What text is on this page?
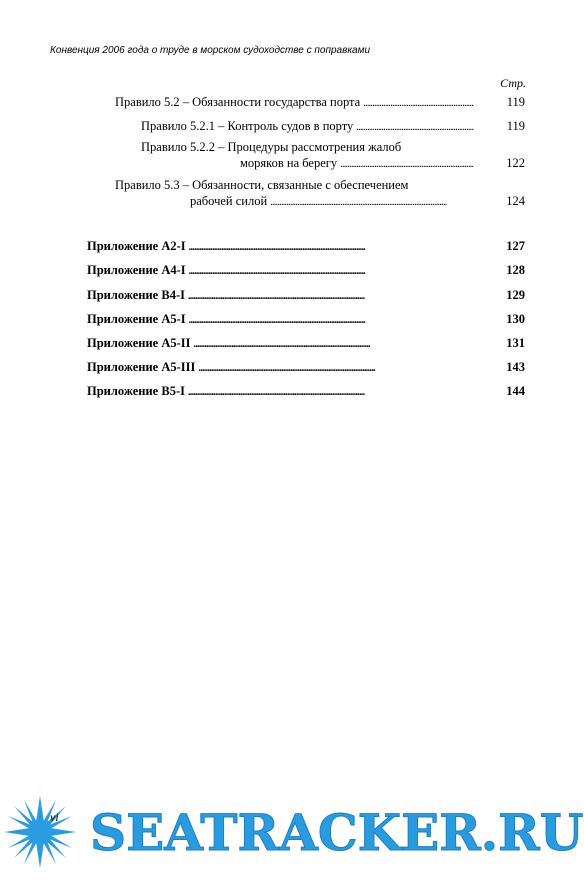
Конвенция 2006 года о труде в морском судоходстве с поправками
Стр.
Правило 5.2 – Обязанности государства порта . . .	119
Правило 5.2.1 – Контроль судов в порту . . .	119
Правило 5.2.2 – Процедуры рассмотрения жалоб
моряков на берегу . . .	122
Правило 5.3 – Обязанности, связанные с обеспечением
рабочей силой . . .	124
Приложение А2-I . . .	127
Приложение А4-I . . .	128
Приложение В4-I . . .	129
Приложение А5-I . . .	130
Приложение А5-II . . .	131
Приложение А5-III . . .	143
Приложение В5-I . . .	144
vi SEATRACKER.RU
